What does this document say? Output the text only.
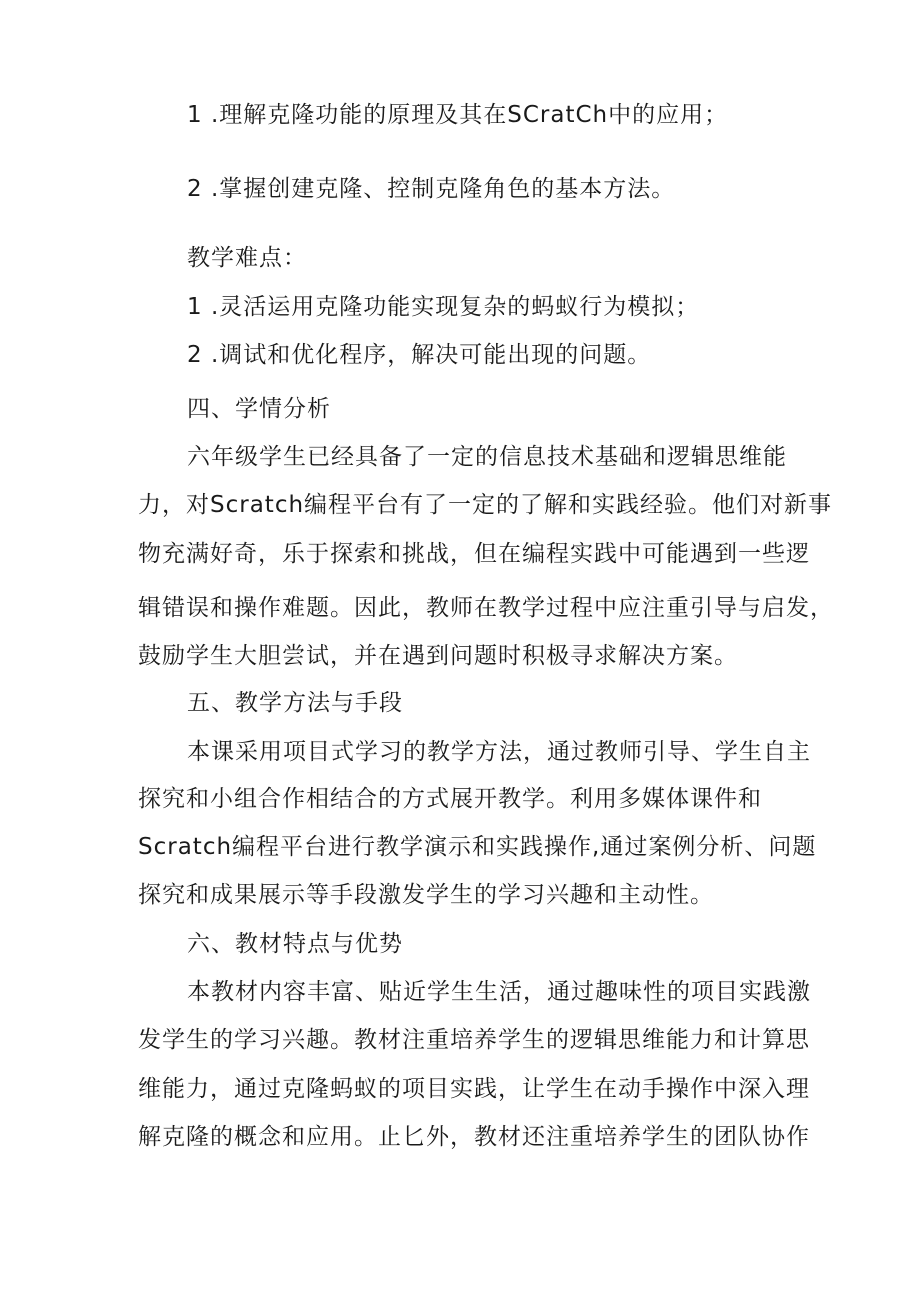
1 .理解克隆功能的原理及其在SCratCh中的应用；
2 .掌握创建克隆、控制克隆角色的基本方法。
教学难点：
1 .灵活运用克隆功能实现复杂的蚂蚁行为模拟；
2 .调试和优化程序，解决可能出现的问题。
四、学情分析
六年级学生已经具备了一定的信息技术基础和逻辑思维能
力，对Scratch编程平台有了一定的了解和实践经验。他们对新事
物充满好奇，乐于探索和挑战，但在编程实践中可能遇到一些逻
辑错误和操作难题。因此，教师在教学过程中应注重引导与启发，
鼓励学生大胆尝试，并在遇到问题时积极寻求解决方案。
五、教学方法与手段
本课采用项目式学习的教学方法，通过教师引导、学生自主
探究和小组合作相结合的方式展开教学。利用多媒体课件和
Scratch编程平台进行教学演示和实践操作,通过案例分析、问题
探究和成果展示等手段激发学生的学习兴趣和主动性。
六、教材特点与优势
本教材内容丰富、贴近学生生活，通过趣味性的项目实践激
发学生的学习兴趣。教材注重培养学生的逻辑思维能力和计算思
维能力，通过克隆蚂蚁的项目实践，让学生在动手操作中深入理
解克隆的概念和应用。止匕外，教材还注重培养学生的团队协作
